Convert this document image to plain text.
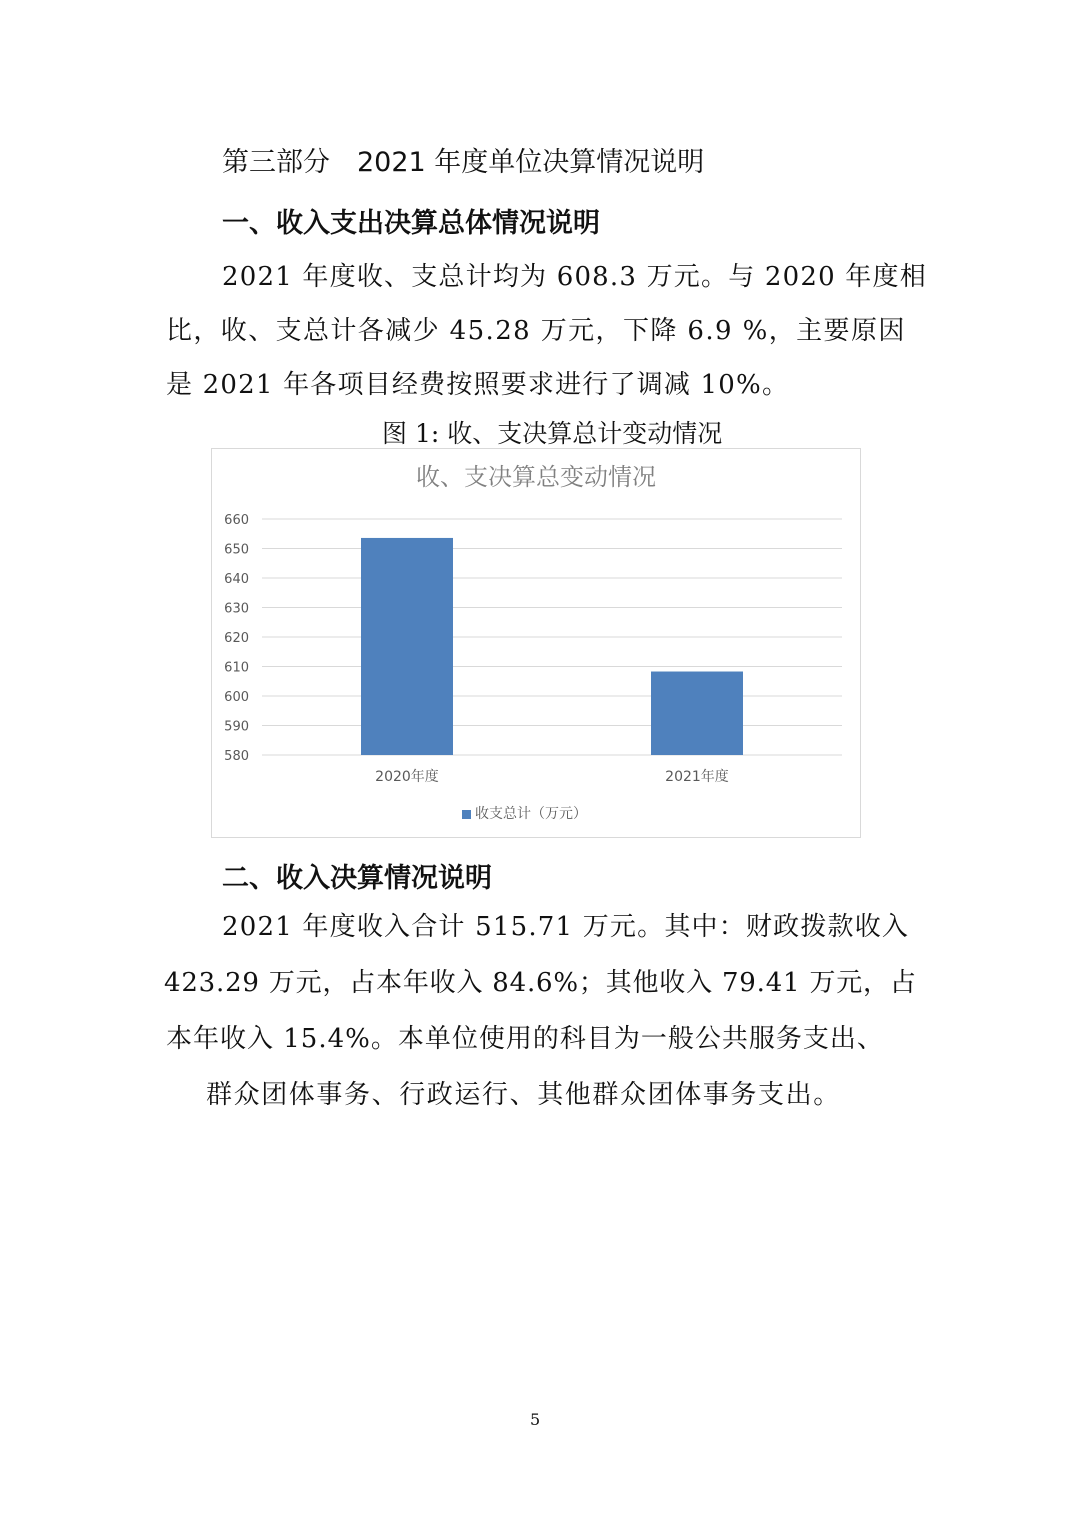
第三部分　2021 年度单位决算情况说明
一、收入支出决算总体情况说明
2021 年度收、支总计均为 608.3 万元。与 2020 年度相
比，收、支总计各减少 45.28 万元，下降 6.9 %，主要原因
是 2021 年各项目经费按照要求进行了调减 10%。
图 1: 收、支决算总计变动情况
580
590
600
610
620
630
640
650
660
2020年度	2021年度
收、支决算总变动情况
收支总计（万元）
二、收入决算情况说明
2021 年度收入合计 515.71 万元。其中：财政拨款收入
423.29 万元，占本年收入 84.6%；其他收入 79.41 万元，占
本年收入 15.4%。本单位使用的科目为一般公共服务支出、
群众团体事务、行政运行、其他群众团体事务支出。
5
